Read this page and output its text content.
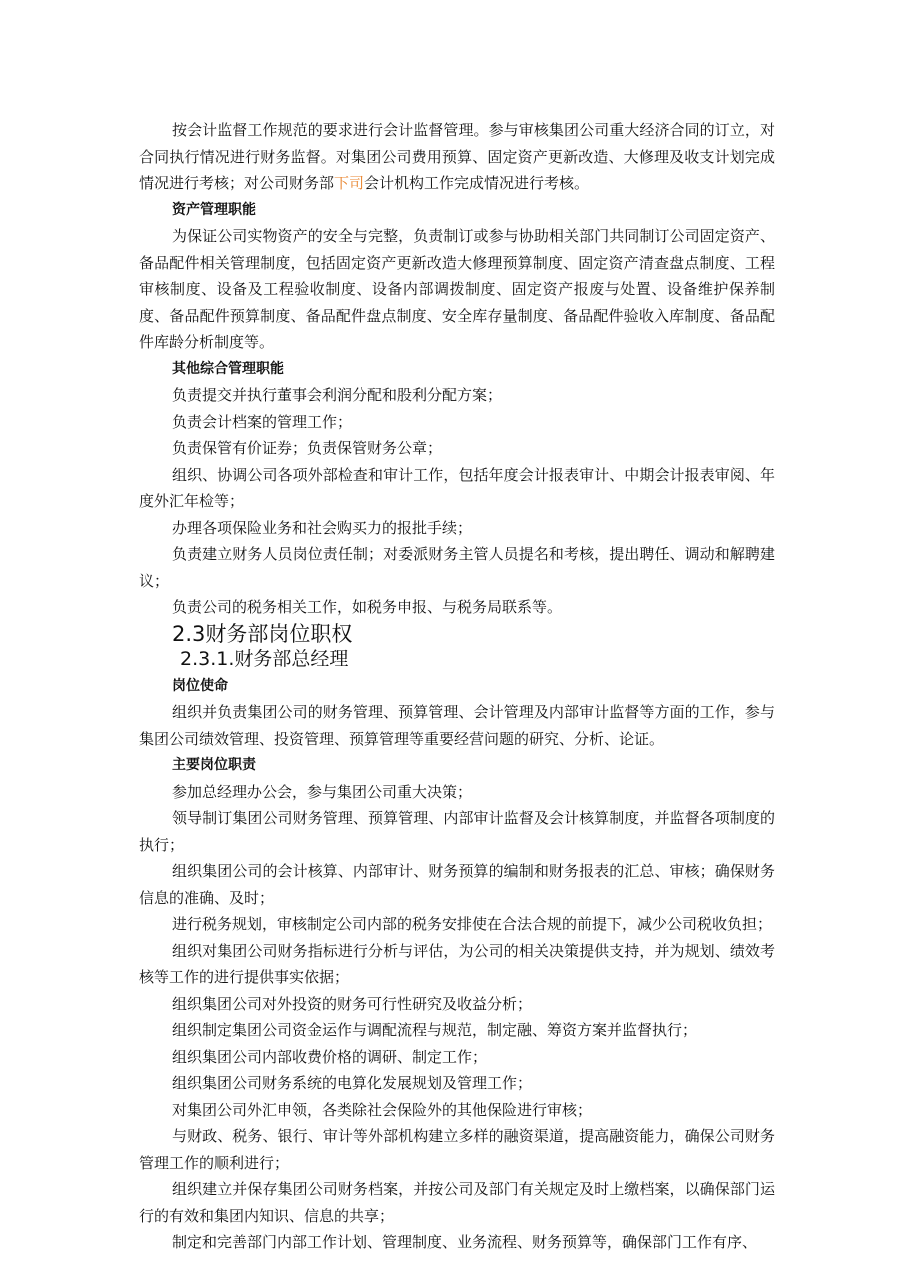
按会计监督工作规范的要求进行会计监督管理。参与审核集团公司重大经济合同的订立，对合同执行情况进行财务监督。对集团公司费用预算、固定资产更新改造、大修理及收支计划完成情况进行考核；对公司财务部下司会计机构工作完成情况进行考核。

资产管理职能

为保证公司实物资产的安全与完整，负责制订或参与协助相关部门共同制订公司固定资产、备品配件相关管理制度，包括固定资产更新改造大修理预算制度、固定资产清查盘点制度、工程审核制度、设备及工程验收制度、设备内部调拨制度、固定资产报废与处置、设备维护保养制度、备品配件预算制度、备品配件盘点制度、安全库存量制度、备品配件验收入库制度、备品配件库龄分析制度等。

其他综合管理职能

负责提交并执行董事会利润分配和股利分配方案；

负责会计档案的管理工作；

负责保管有价证券；负责保管财务公章；

组织、协调公司各项外部检查和审计工作，包括年度会计报表审计、中期会计报表审阅、年度外汇年检等；

办理各项保险业务和社会购买力的报批手续；

负责建立财务人员岗位责任制；对委派财务主管人员提名和考核，提出聘任、调动和解聘建议；

负责公司的税务相关工作，如税务申报、与税务局联系等。

2.3财务部岗位职权

2.3.1.财务部总经理

岗位使命

组织并负责集团公司的财务管理、预算管理、会计管理及内部审计监督等方面的工作，参与集团公司绩效管理、投资管理、预算管理等重要经营问题的研究、分析、论证。

主要岗位职责

参加总经理办公会，参与集团公司重大决策；

领导制订集团公司财务管理、预算管理、内部审计监督及会计核算制度，并监督各项制度的执行；

组织集团公司的会计核算、内部审计、财务预算的编制和财务报表的汇总、审核；确保财务信息的准确、及时；

进行税务规划，审核制定公司内部的税务安排使在合法合规的前提下，减少公司税收负担；

组织对集团公司财务指标进行分析与评估，为公司的相关决策提供支持，并为规划、绩效考核等工作的进行提供事实依据；

组织集团公司对外投资的财务可行性研究及收益分析；

组织制定集团公司资金运作与调配流程与规范，制定融、筹资方案并监督执行；

组织集团公司内部收费价格的调研、制定工作；

组织集团公司财务系统的电算化发展规划及管理工作；

对集团公司外汇申领，各类除社会保险外的其他保险进行审核；

与财政、税务、银行、审计等外部机构建立多样的融资渠道，提高融资能力，确保公司财务管理工作的顺利进行；

组织建立并保存集团公司财务档案，并按公司及部门有关规定及时上缴档案，以确保部门运行的有效和集团内知识、信息的共享；

制定和完善部门内部工作计划、管理制度、业务流程、财务预算等，确保部门工作有序、
